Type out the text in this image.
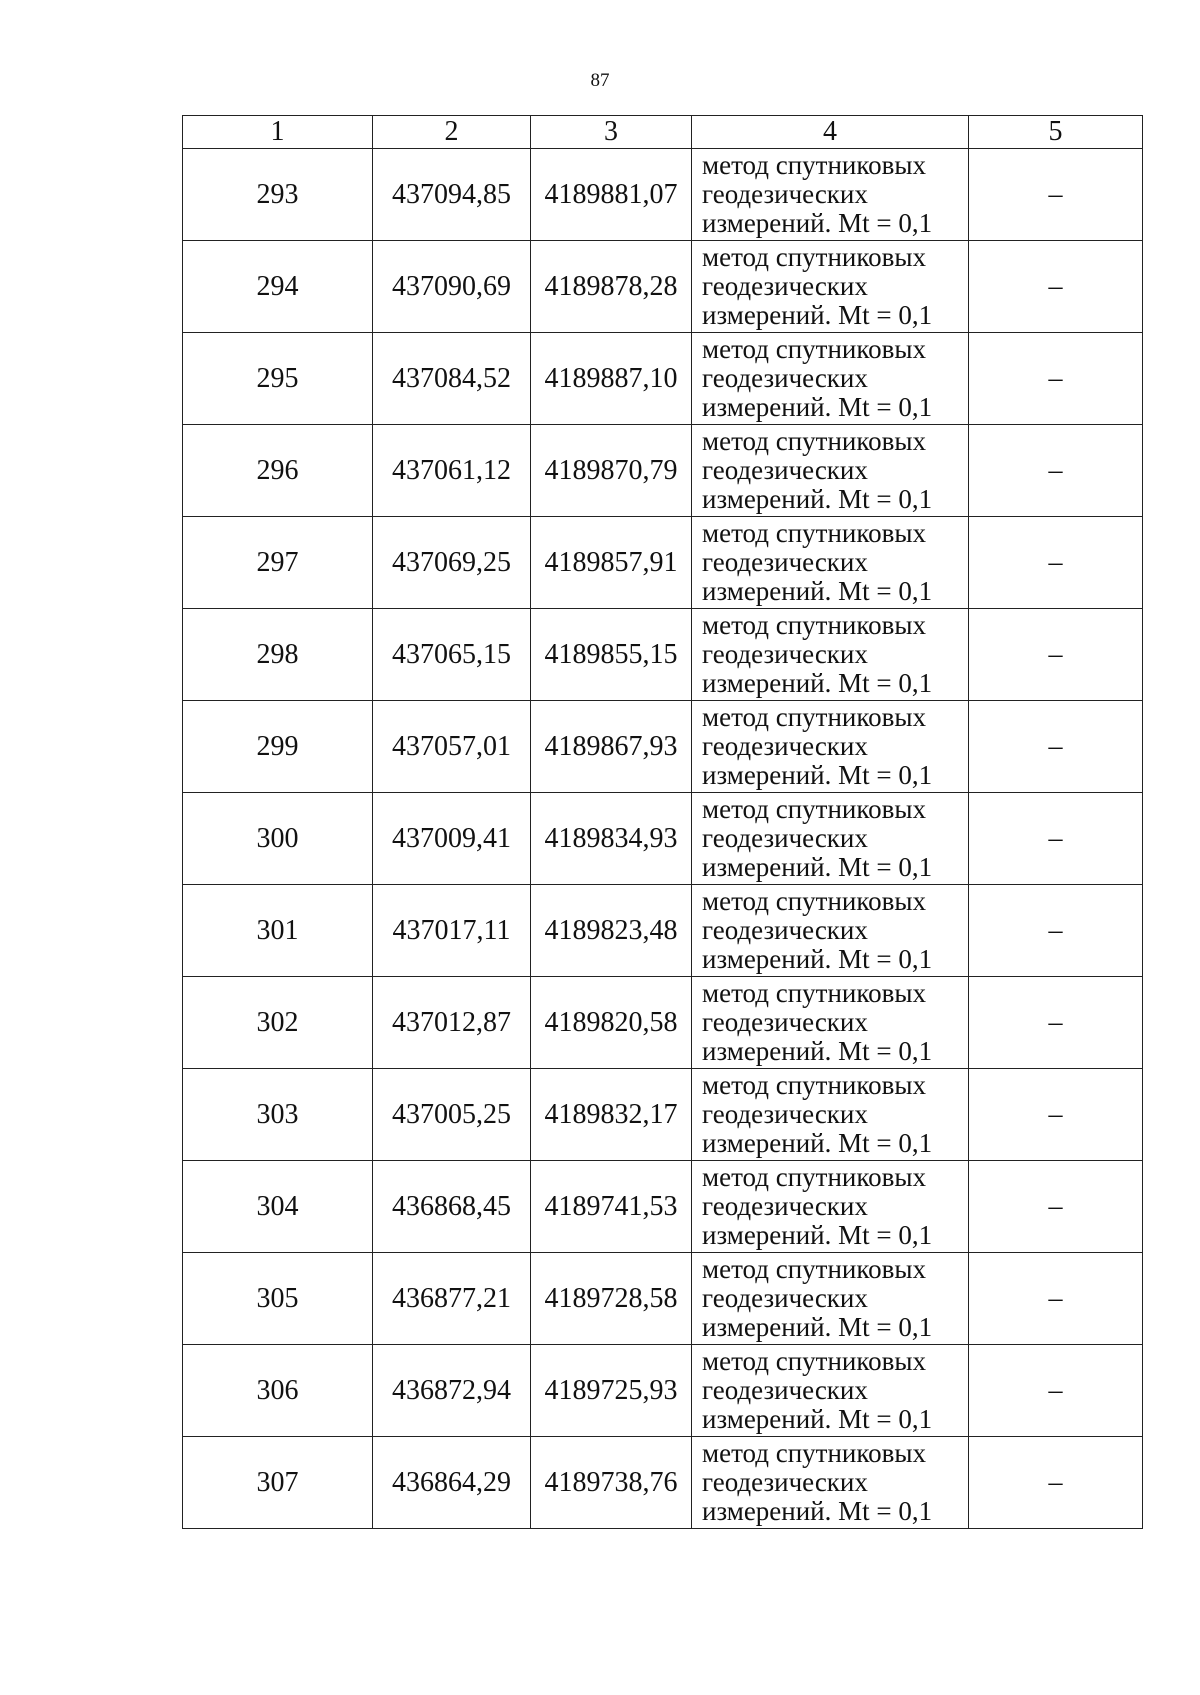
87
1	2	3	4	5
293	437094,85	4189881,07	метод спутниковых
геодезических
измерений. Mt = 0,1	–
294	437090,69	4189878,28	метод спутниковых
геодезических
измерений. Mt = 0,1	–
295	437084,52	4189887,10	метод спутниковых
геодезических
измерений. Mt = 0,1	–
296	437061,12	4189870,79	метод спутниковых
геодезических
измерений. Mt = 0,1	–
297	437069,25	4189857,91	метод спутниковых
геодезических
измерений. Mt = 0,1	–
298	437065,15	4189855,15	метод спутниковых
геодезических
измерений. Mt = 0,1	–
299	437057,01	4189867,93	метод спутниковых
геодезических
измерений. Mt = 0,1	–
300	437009,41	4189834,93	метод спутниковых
геодезических
измерений. Mt = 0,1	–
301	437017,11	4189823,48	метод спутниковых
геодезических
измерений. Mt = 0,1	–
302	437012,87	4189820,58	метод спутниковых
геодезических
измерений. Mt = 0,1	–
303	437005,25	4189832,17	метод спутниковых
геодезических
измерений. Mt = 0,1	–
304	436868,45	4189741,53	метод спутниковых
геодезических
измерений. Mt = 0,1	–
305	436877,21	4189728,58	метод спутниковых
геодезических
измерений. Mt = 0,1	–
306	436872,94	4189725,93	метод спутниковых
геодезических
измерений. Mt = 0,1	–
307	436864,29	4189738,76	метод спутниковых
геодезических
измерений. Mt = 0,1	–
